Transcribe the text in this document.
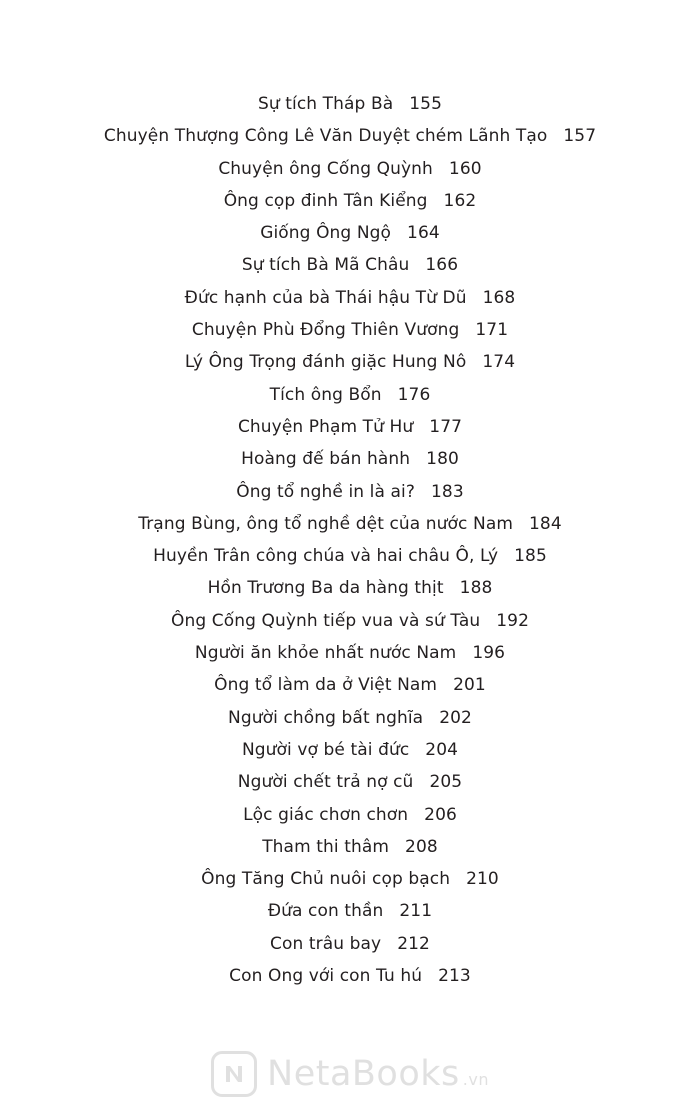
Sự tích Tháp Bà 155
Chuyện Thượng Công Lê Văn Duyệt chém Lãnh Tạo 157
Chuyện ông Cống Quỳnh 160
Ông cọp đinh Tân Kiểng 162
Giống Ông Ngộ 164
Sự tích Bà Mã Châu 166
Đức hạnh của bà Thái hậu Từ Dũ 168
Chuyện Phù Đổng Thiên Vương 171
Lý Ông Trọng đánh giặc Hung Nô 174
Tích ông Bổn 176
Chuyện Phạm Tử Hư 177
Hoàng đế bán hành 180
Ông tổ nghề in là ai? 183
Trạng Bùng, ông tổ nghề dệt của nước Nam 184
Huyền Trân công chúa và hai châu Ô, Lý 185
Hồn Trương Ba da hàng thịt 188
Ông Cống Quỳnh tiếp vua và sứ Tàu 192
Người ăn khỏe nhất nước Nam 196
Ông tổ làm da ở Việt Nam 201
Người chồng bất nghĩa 202
Người vợ bé tài đức 204
Người chết trả nợ cũ 205
Lộc giác chơn chơn 206
Tham thi thâm 208
Ông Tăng Chủ nuôi cọp bạch 210
Đứa con thần 211
Con trâu bay 212
Con Ong với con Tu hú 213
NetaBooks .vn
